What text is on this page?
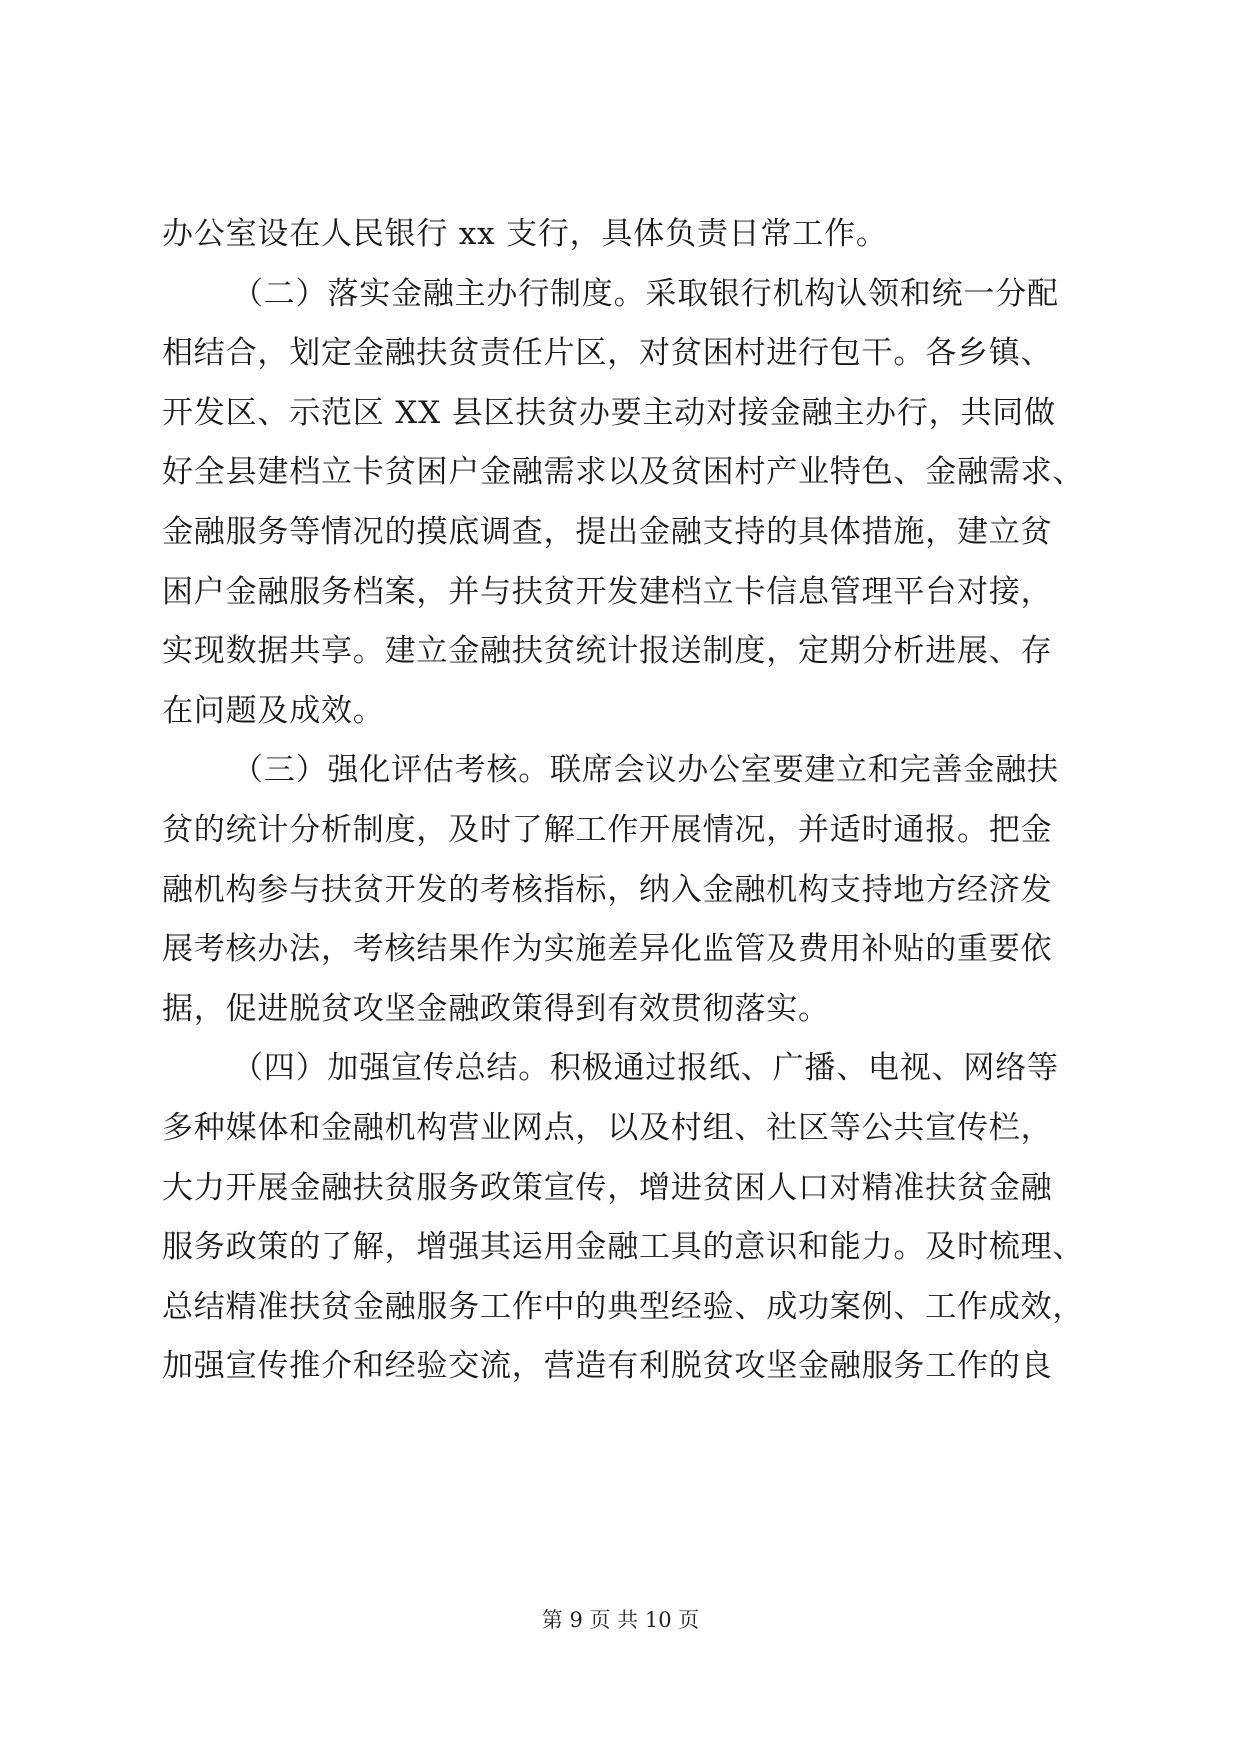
办公室设在人民银行 xx 支行，具体负责日常工作。
（二）落实金融主办行制度。采取银行机构认领和统一分配
相结合，划定金融扶贫责任片区，对贫困村进行包干。各乡镇、
开发区、示范区 XX 县区扶贫办要主动对接金融主办行，共同做
好全县建档立卡贫困户金融需求以及贫困村产业特色、金融需求、
金融服务等情况的摸底调查，提出金融支持的具体措施，建立贫
困户金融服务档案，并与扶贫开发建档立卡信息管理平台对接，
实现数据共享。建立金融扶贫统计报送制度，定期分析进展、存
在问题及成效。
（三）强化评估考核。联席会议办公室要建立和完善金融扶
贫的统计分析制度，及时了解工作开展情况，并适时通报。把金
融机构参与扶贫开发的考核指标，纳入金融机构支持地方经济发
展考核办法，考核结果作为实施差异化监管及费用补贴的重要依
据，促进脱贫攻坚金融政策得到有效贯彻落实。
（四）加强宣传总结。积极通过报纸、广播、电视、网络等
多种媒体和金融机构营业网点，以及村组、社区等公共宣传栏，
大力开展金融扶贫服务政策宣传，增进贫困人口对精准扶贫金融
服务政策的了解，增强其运用金融工具的意识和能力。及时梳理、
总结精准扶贫金融服务工作中的典型经验、成功案例、工作成效，
加强宣传推介和经验交流，营造有利脱贫攻坚金融服务工作的良
第 9 页 共 10 页
